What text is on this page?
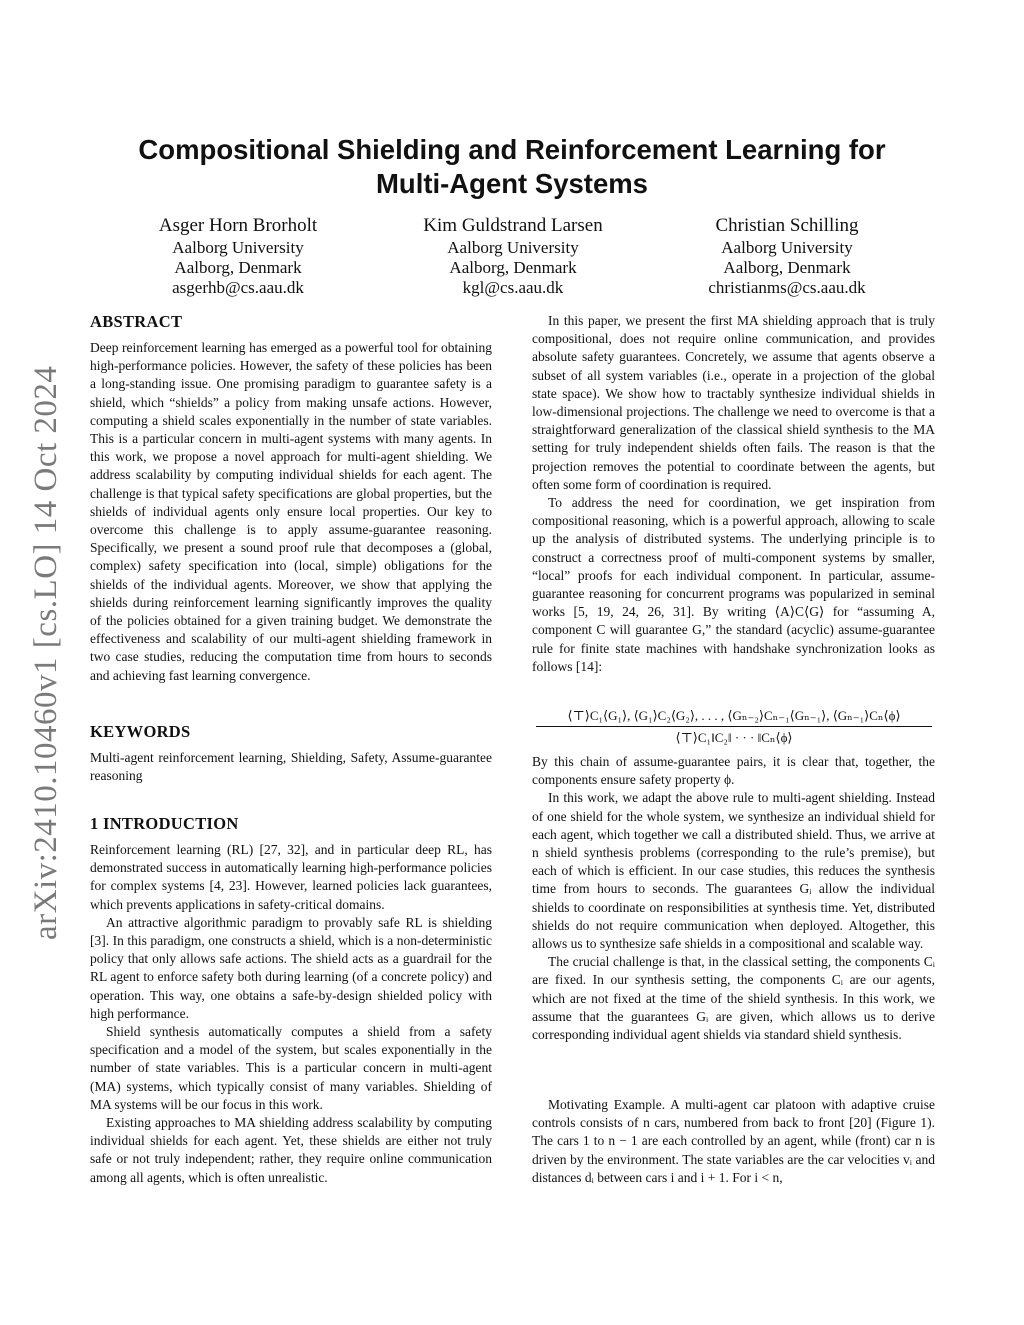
arXiv:2410.10460v1 [cs.LO] 14 Oct 2024
Compositional Shielding and Reinforcement Learning for Multi-Agent Systems
Asger Horn Brorholt
Aalborg University
Aalborg, Denmark
asgerhb@cs.aau.dk
Kim Guldstrand Larsen
Aalborg University
Aalborg, Denmark
kgl@cs.aau.dk
Christian Schilling
Aalborg University
Aalborg, Denmark
christianms@cs.aau.dk
ABSTRACT

Deep reinforcement learning has emerged as a powerful tool for obtaining high-performance policies. However, the safety of these policies has been a long-standing issue. One promising paradigm to guarantee safety is a shield, which “shields” a policy from making unsafe actions. However, computing a shield scales exponentially in the number of state variables. This is a particular concern in multi-agent systems with many agents. In this work, we propose a novel approach for multi-agent shielding. We address scalability by computing individual shields for each agent. The challenge is that typical safety specifications are global properties, but the shields of individual agents only ensure local properties. Our key to overcome this challenge is to apply assume-guarantee reasoning. Specifically, we present a sound proof rule that decomposes a (global, complex) safety specification into (local, simple) obligations for the shields of the individual agents. Moreover, we show that applying the shields during reinforcement learning significantly improves the quality of the policies obtained for a given training budget. We demonstrate the effectiveness and scalability of our multi-agent shielding framework in two case studies, reducing the computation time from hours to seconds and achieving fast learning convergence.

KEYWORDS

Multi-agent reinforcement learning, Shielding, Safety, Assume-guarantee reasoning

1 INTRODUCTION

Reinforcement learning (RL) [27, 32], and in particular deep RL, has demonstrated success in automatically learning high-performance policies for complex systems [4, 23]. However, learned policies lack guarantees, which prevents applications in safety-critical domains.

An attractive algorithmic paradigm to provably safe RL is shielding [3]. In this paradigm, one constructs a shield, which is a non-deterministic policy that only allows safe actions. The shield acts as a guardrail for the RL agent to enforce safety both during learning (of a concrete policy) and operation. This way, one obtains a safe-by-design shielded policy with high performance.

Shield synthesis automatically computes a shield from a safety specification and a model of the system, but scales exponentially in the number of state variables. This is a particular concern in multi-agent (MA) systems, which typically consist of many variables. Shielding of MA systems will be our focus in this work.

Existing approaches to MA shielding address scalability by computing individual shields for each agent. Yet, these shields are either not truly safe or not truly independent; rather, they require online communication among all agents, which is often unrealistic.

In this paper, we present the first MA shielding approach that is truly compositional, does not require online communication, and provides absolute safety guarantees. Concretely, we assume that agents observe a subset of all system variables (i.e., operate in a projection of the global state space). We show how to tractably synthesize individual shields in low-dimensional projections. The challenge we need to overcome is that a straightforward generalization of the classical shield synthesis to the MA setting for truly independent shields often fails. The reason is that the projection removes the potential to coordinate between the agents, but often some form of coordination is required.

To address the need for coordination, we get inspiration from compositional reasoning, which is a powerful approach, allowing to scale up the analysis of distributed systems. The underlying principle is to construct a correctness proof of multi-component systems by smaller, “local” proofs for each individual component. In particular, assume-guarantee reasoning for concurrent programs was popularized in seminal works [5, 19, 24, 26, 31]. By writing ⟨A⟩C⟨G⟩ for “assuming A, component C will guarantee G,” the standard (acyclic) assume-guarantee rule for finite state machines with handshake synchronization looks as follows [14]:

⟨⊤⟩C₁⟨G₁⟩, ⟨G₁⟩C₂⟨G₂⟩, . . . , ⟨Gₙ₋₂⟩Cₙ₋₁⟨Gₙ₋₁⟩, ⟨Gₙ₋₁⟩Cₙ⟨ϕ⟩
⟨⊤⟩C₁‖C₂‖ · · · ‖Cₙ⟨ϕ⟩

By this chain of assume-guarantee pairs, it is clear that, together, the components ensure safety property ϕ.

In this work, we adapt the above rule to multi-agent shielding. Instead of one shield for the whole system, we synthesize an individual shield for each agent, which together we call a distributed shield. Thus, we arrive at n shield synthesis problems (corresponding to the rule’s premise), but each of which is efficient. In our case studies, this reduces the synthesis time from hours to seconds. The guarantees Gᵢ allow the individual shields to coordinate on responsibilities at synthesis time. Yet, distributed shields do not require communication when deployed. Altogether, this allows us to synthesize safe shields in a compositional and scalable way.

The crucial challenge is that, in the classical setting, the components Cᵢ are fixed. In our synthesis setting, the components Cᵢ are our agents, which are not fixed at the time of the shield synthesis. In this work, we assume that the guarantees Gᵢ are given, which allows us to derive corresponding individual agent shields via standard shield synthesis.

Motivating Example. A multi-agent car platoon with adaptive cruise controls consists of n cars, numbered from back to front [20] (Figure 1). The cars 1 to n − 1 are each controlled by an agent, while (front) car n is driven by the environment. The state variables are the car velocities vᵢ and distances dᵢ between cars i and i + 1. For i < n,
